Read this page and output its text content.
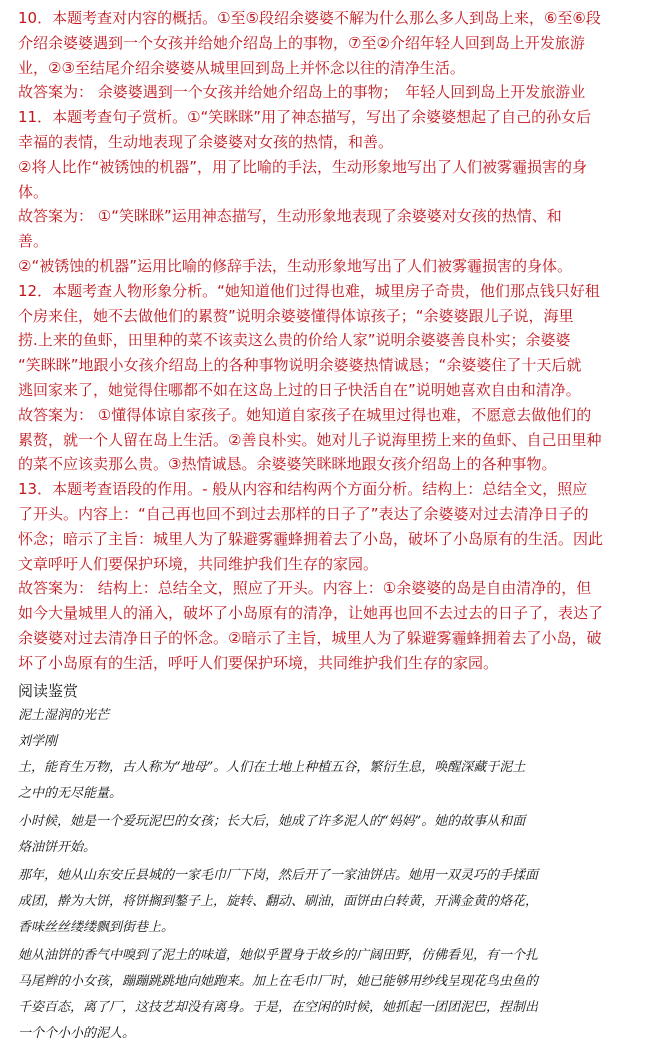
10．本题考查对内容的概括。①至⑤段绍余婆婆不解为什么那么多人到岛上来，⑥至⑥段

介绍余婆婆遇到一个女孩并给她介绍岛上的事物，⑦至②介绍年轻人回到岛上开发旅游

业，②③至结尾介绍余婆婆从城里回到岛上并怀念以往的清净生活。

故答案为： 余婆婆遇到一个女孩并给她介绍岛上的事物；　年轻人回到岛上开发旅游业

11．本题考查句子赏析。①“笑眯眯”用了神态描写，写出了余婆婆想起了自己的孙女后

幸福的表情，生动地表现了余婆婆对女孩的热情，和善。

②将人比作“被锈蚀的机器”，用了比喻的手法，生动形象地写出了人们被雾霾损害的身

体。

故答案为： ①“笑眯眯”运用神态描写，生动形象地表现了余婆婆对女孩的热情、和

善。

②“被锈蚀的机器”运用比喻的修辞手法，生动形象地写出了人们被雾霾损害的身体。

12．本题考查人物形象分析。“她知道他们过得也难，城里房子奇贵，他们那点钱只好租

个房来住，她不去做他们的累赘”说明余婆婆懂得体谅孩子；“余婆婆跟儿子说，海里

捞.上来的鱼虾，田里种的菜不该卖这么贵的价给人家”说明余婆婆善良朴实；余婆婆

“笑眯眯”地跟小女孩介绍岛上的各种事物说明余婆婆热情诚恳；“余婆婆住了十天后就

逃回家来了，她觉得住哪都不如在这岛上过的日子快活自在”说明她喜欢自由和清净。

故答案为： ①懂得体谅自家孩子。她知道自家孩子在城里过得也难，不愿意去做他们的

累赘，就一个人留在岛上生活。②善良朴实。她对儿子说海里捞上来的鱼虾、自己田里种

的菜不应该卖那么贵。③热情诚恳。余婆婆笑眯眯地跟女孩介绍岛上的各种事物。

13．本题考查语段的作用。- 般从内容和结构两个方面分析。结构上：总结全文，照应

了开头。内容上：“自己再也回不到过去那样的日子了”表达了余婆婆对过去清净日子的

怀念；暗示了主旨：城里人为了躲避雾霾蜂拥着去了小岛，破坏了小岛原有的生活。因此

文章呼吁人们要保护环境，共同维护我们生存的家园。

故答案为： 结构上：总结全文，照应了开头。内容上：①余婆婆的岛是自由清净的，但

如今大量城里人的涌入，破坏了小岛原有的清净，让她再也回不去过去的日子了，表达了

余婆婆对过去清净日子的怀念。②暗示了主旨，城里人为了躲避雾霾蜂拥着去了小岛，破

坏了小岛原有的生活，呼吁人们要保护环境，共同维护我们生存的家园。

阅读鉴赏

泥土湿润的光芒

刘学刚

土，能育生万物，古人称为“地母”。人们在土地上种植五谷，繁衍生息，唤醒深藏于泥土

之中的无尽能量。

小时候，她是一个爱玩泥巴的女孩；长大后，她成了许多泥人的“妈妈”。她的故事从和面

烙油饼开始。

那年，她从山东安丘县城的一家毛巾厂下岗，然后开了一家油饼店。她用一双灵巧的手揉面

成团，擀为大饼，将饼搁到鏊子上，旋转、翻动、刷油，面饼由白转黄，开满金黄的烙花，

香味丝丝缕缕飘到街巷上。

她从油饼的香气中嗅到了泥土的味道，她似乎置身于故乡的广阔田野，仿佛看见，有一个扎

马尾辫的小女孩，蹦蹦跳跳地向她跑来。加上在毛巾厂时，她已能够用纱线呈现花鸟虫鱼的

千姿百态，离了厂，这技艺却没有离身。于是，在空闲的时候，她抓起一团团泥巴，捏制出

一个个小小的泥人。
